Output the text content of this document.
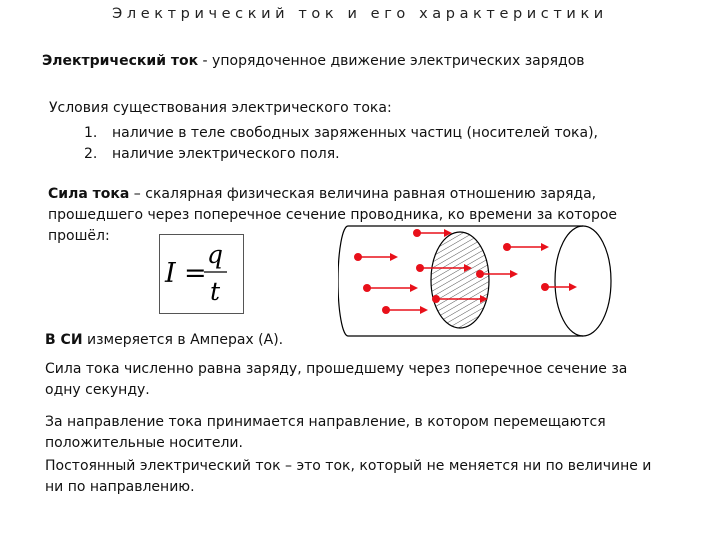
Электрический ток и его характеристики
Электрический ток - упорядоченное движение электрических зарядов
Условия существования электрического тока:
1. наличие в теле свободных заряженных частиц (носителей тока),
2. наличие электрического поля.
Сила тока – скалярная физическая величина равная отношению заряда,
прошедшего через поперечное сечение проводника, ко времени за которое
прошёл:
I =
q
t
В СИ измеряется в Амперах (А).
Сила тока численно равна заряду, прошедшему через поперечное сечение за
одну секунду.
За направление тока принимается направление, в котором перемещаются
положительные носители.
Постоянный электрический ток – это ток, который не меняется ни по величине и
ни по направлению.
